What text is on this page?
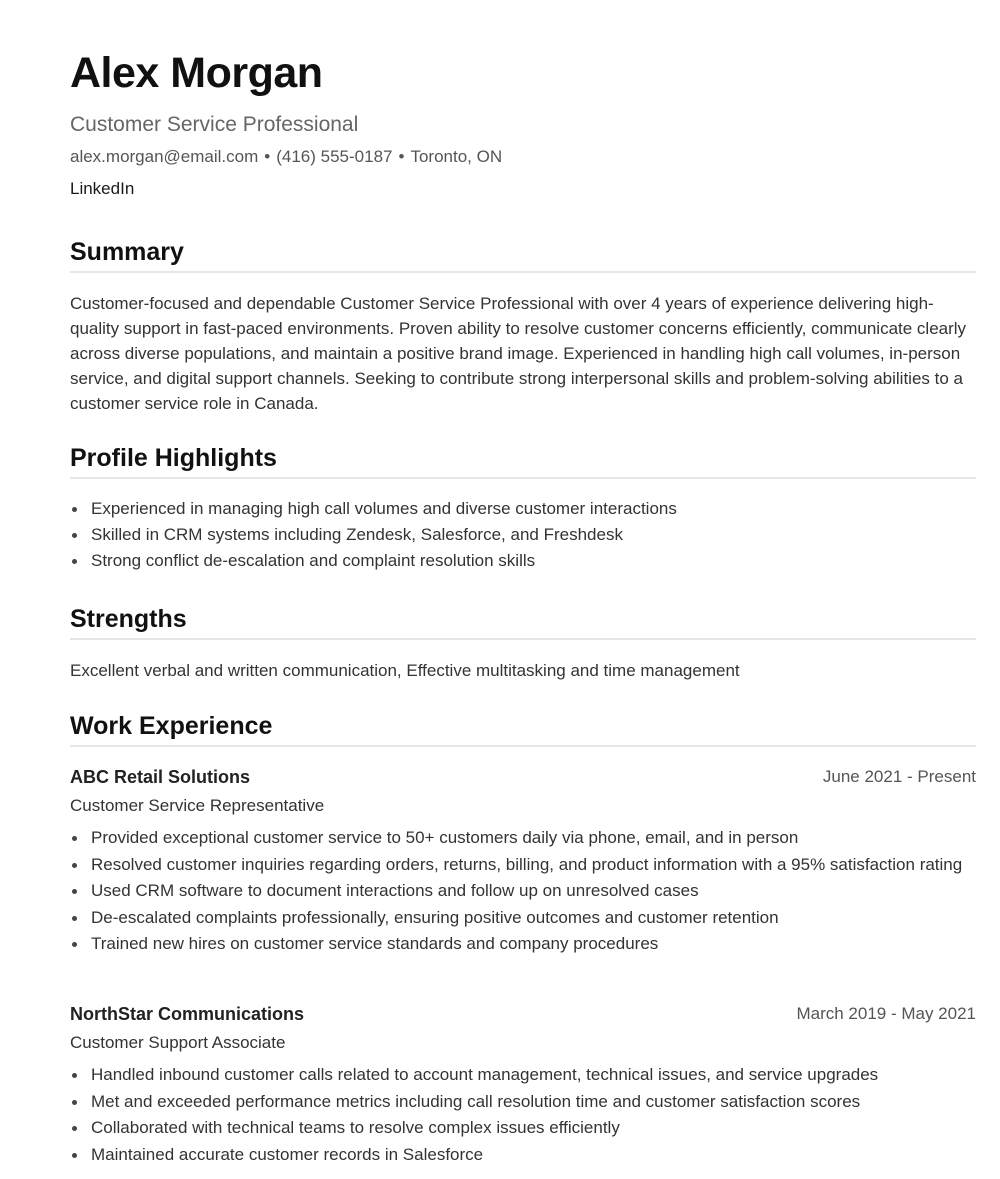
Alex Morgan
Customer Service Professional
alex.morgan@email.com • (416) 555-0187 • Toronto, ON
LinkedIn
Summary

Customer-focused and dependable Customer Service Professional with over 4 years of experience delivering high-quality support in fast-paced environments. Proven ability to resolve customer concerns efficiently, communicate clearly across diverse populations, and maintain a positive brand image. Experienced in handling high call volumes, in-person service, and digital support channels. Seeking to contribute strong interpersonal skills and problem-solving abilities to a customer service role in Canada.

Profile Highlights
Experienced in managing high call volumes and diverse customer interactions
Skilled in CRM systems including Zendesk, Salesforce, and Freshdesk
Strong conflict de-escalation and complaint resolution skills
Strengths

Excellent verbal and written communication, Effective multitasking and time management

Work Experience
ABC Retail Solutions	June 2021 - Present
Customer Service Representative
Provided exceptional customer service to 50+ customers daily via phone, email, and in person
Resolved customer inquiries regarding orders, returns, billing, and product information with a 95% satisfaction rating
Used CRM software to document interactions and follow up on unresolved cases
De-escalated complaints professionally, ensuring positive outcomes and customer retention
Trained new hires on customer service standards and company procedures
NorthStar Communications	March 2019 - May 2021
Customer Support Associate
Handled inbound customer calls related to account management, technical issues, and service upgrades
Met and exceeded performance metrics including call resolution time and customer satisfaction scores
Collaborated with technical teams to resolve complex issues efficiently
Maintained accurate customer records in Salesforce
